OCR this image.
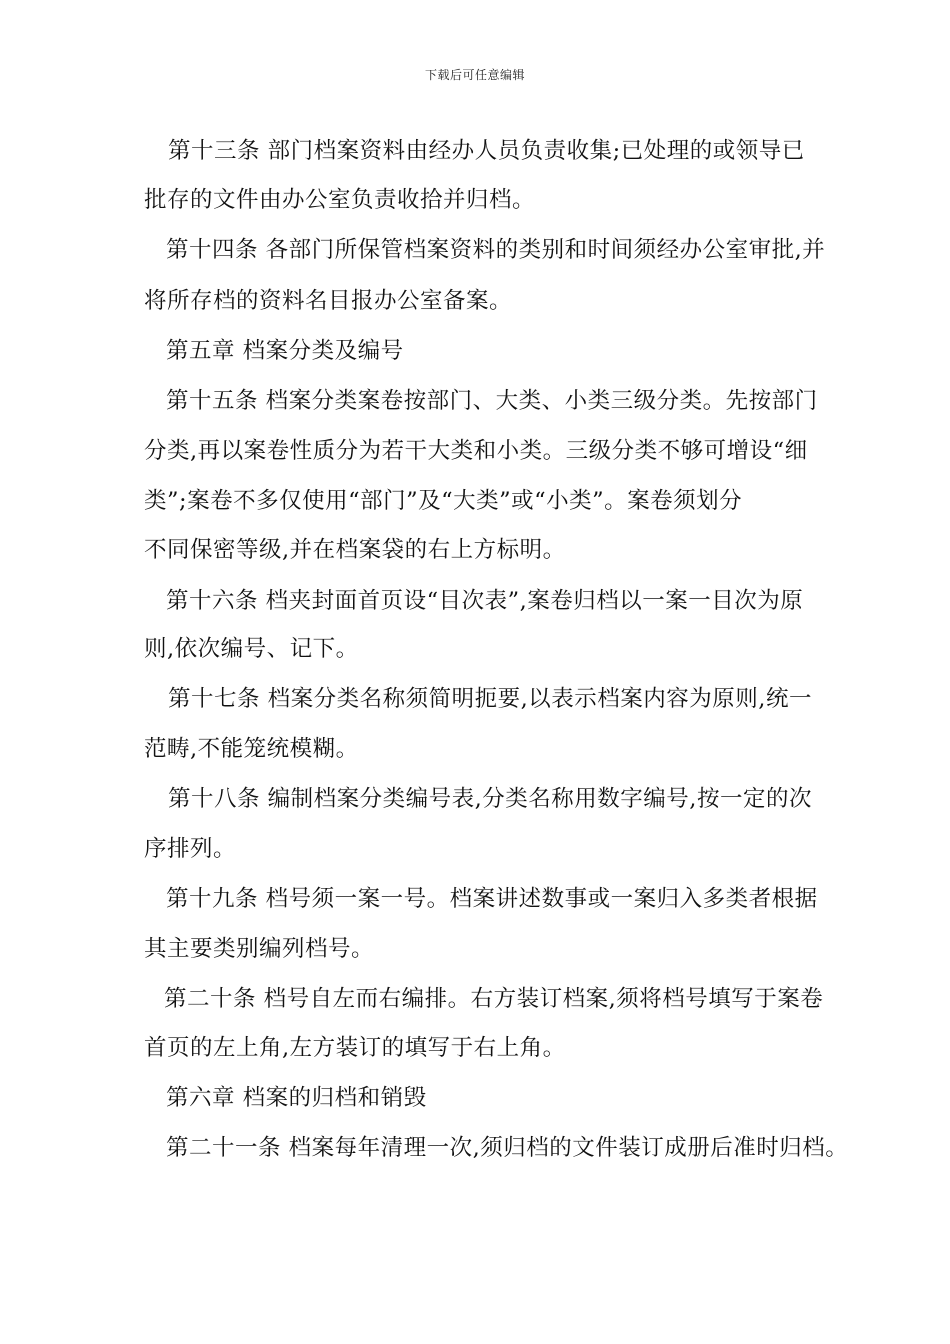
下载后可任意编辑
第十三条 部门档案资料由经办人员负责收集;已处理的或领导已
批存的文件由办公室负责收拾并归档。
第十四条 各部门所保管档案资料的类别和时间须经办公室审批,并
将所存档的资料名目报办公室备案。
第五章 档案分类及编号
第十五条 档案分类案卷按部门、大类、小类三级分类。先按部门
分类,再以案卷性质分为若干大类和小类。三级分类不够可增设“细
类”;案卷不多仅使用“部门”及“大类”或“小类”。案卷须划分
不同保密等级,并在档案袋的右上方标明。
第十六条 档夹封面首页设“目次表”,案卷归档以一案一目次为原
则,依次编号、记下。
第十七条 档案分类名称须简明扼要,以表示档案内容为原则,统一
范畴,不能笼统模糊。
第十八条 编制档案分类编号表,分类名称用数字编号,按一定的次
序排列。
第十九条 档号须一案一号。档案讲述数事或一案归入多类者根据
其主要类别编列档号。
第二十条 档号自左而右编排。右方装订档案,须将档号填写于案卷
首页的左上角,左方装订的填写于右上角。
第六章 档案的归档和销毁
第二十一条 档案每年清理一次,须归档的文件装订成册后准时归档。
